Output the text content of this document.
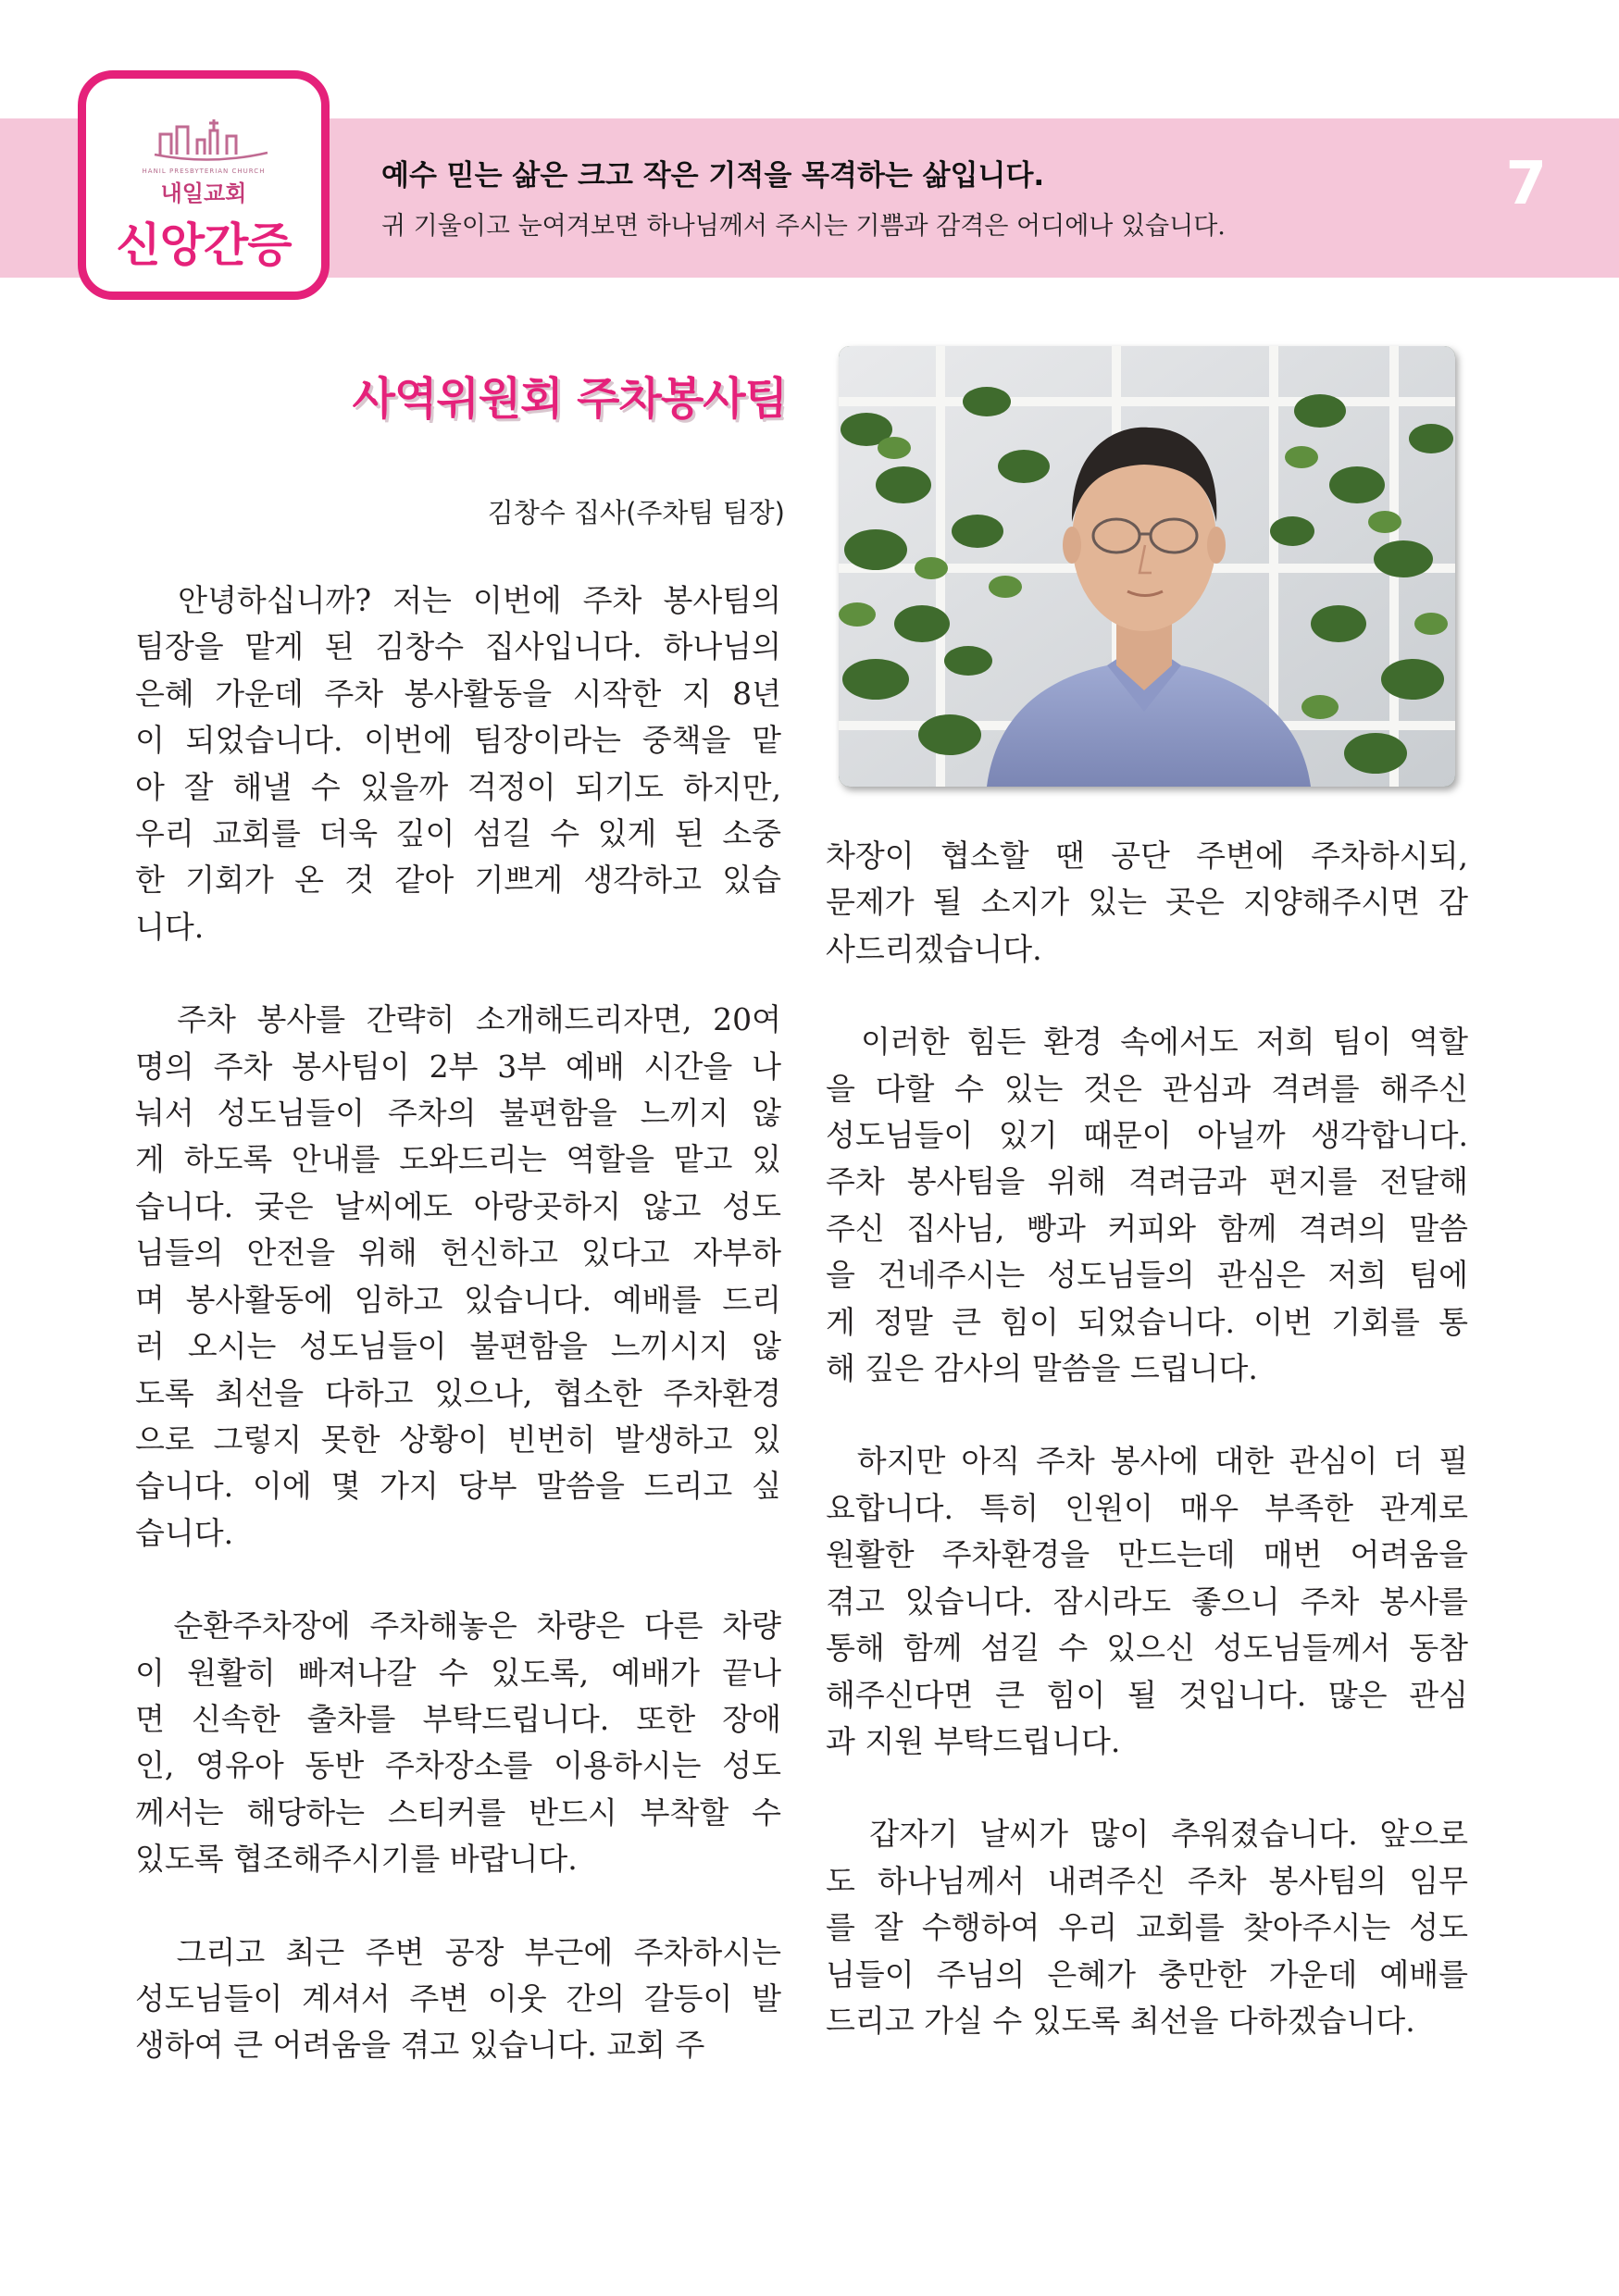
HANIL PRESBYTERIAN CHURCH
내일교회
신앙간증
예수 믿는 삶은 크고 작은 기적을 목격하는 삶입니다.
귀 기울이고 눈여겨보면 하나님께서 주시는 기쁨과 감격은 어디에나 있습니다.
7
사역위원회 주차봉사팀
김창수 집사(주차팀 팀장)

안녕하십니까? 저는 이번에 주차 봉사팀의
팀장을 맡게 된 김창수 집사입니다. 하나님의
은혜 가운데 주차 봉사활동을 시작한 지 8년
이 되었습니다. 이번에 팀장이라는 중책을 맡
아 잘 해낼 수 있을까 걱정이 되기도 하지만,
우리 교회를 더욱 깊이 섬길 수 있게 된 소중
한 기회가 온 것 같아 기쁘게 생각하고 있습
니다.

주차 봉사를 간략히 소개해드리자면, 20여
명의 주차 봉사팀이 2부 3부 예배 시간을 나
눠서 성도님들이 주차의 불편함을 느끼지 않
게 하도록 안내를 도와드리는 역할을 맡고 있
습니다. 궂은 날씨에도 아랑곳하지 않고 성도
님들의 안전을 위해 헌신하고 있다고 자부하
며 봉사활동에 임하고 있습니다. 예배를 드리
러 오시는 성도님들이 불편함을 느끼시지 않
도록 최선을 다하고 있으나, 협소한 주차환경
으로 그렇지 못한 상황이 빈번히 발생하고 있
습니다. 이에 몇 가지 당부 말씀을 드리고 싶
습니다.

순환주차장에 주차해놓은 차량은 다른 차량
이 원활히 빠져나갈 수 있도록, 예배가 끝나
면 신속한 출차를 부탁드립니다. 또한 장애
인, 영유아 동반 주차장소를 이용하시는 성도
께서는 해당하는 스티커를 반드시 부착할 수
있도록 협조해주시기를 바랍니다.

그리고 최근 주변 공장 부근에 주차하시는
성도님들이 계셔서 주변 이웃 간의 갈등이 발
생하여 큰 어려움을 겪고 있습니다. 교회 주

차장이 협소할 땐 공단 주변에 주차하시되,
문제가 될 소지가 있는 곳은 지양해주시면 감
사드리겠습니다.

이러한 힘든 환경 속에서도 저희 팀이 역할
을 다할 수 있는 것은 관심과 격려를 해주신
성도님들이 있기 때문이 아닐까 생각합니다.
주차 봉사팀을 위해 격려금과 편지를 전달해
주신 집사님, 빵과 커피와 함께 격려의 말씀
을 건네주시는 성도님들의 관심은 저희 팀에
게 정말 큰 힘이 되었습니다. 이번 기회를 통
해 깊은 감사의 말씀을 드립니다.

하지만 아직 주차 봉사에 대한 관심이 더 필
요합니다. 특히 인원이 매우 부족한 관계로
원활한 주차환경을 만드는데 매번 어려움을
겪고 있습니다. 잠시라도 좋으니 주차 봉사를
통해 함께 섬길 수 있으신 성도님들께서 동참
해주신다면 큰 힘이 될 것입니다. 많은 관심
과 지원 부탁드립니다.

갑자기 날씨가 많이 추워졌습니다. 앞으로
도 하나님께서 내려주신 주차 봉사팀의 임무
를 잘 수행하여 우리 교회를 찾아주시는 성도
님들이 주님의 은혜가 충만한 가운데 예배를
드리고 가실 수 있도록 최선을 다하겠습니다.
